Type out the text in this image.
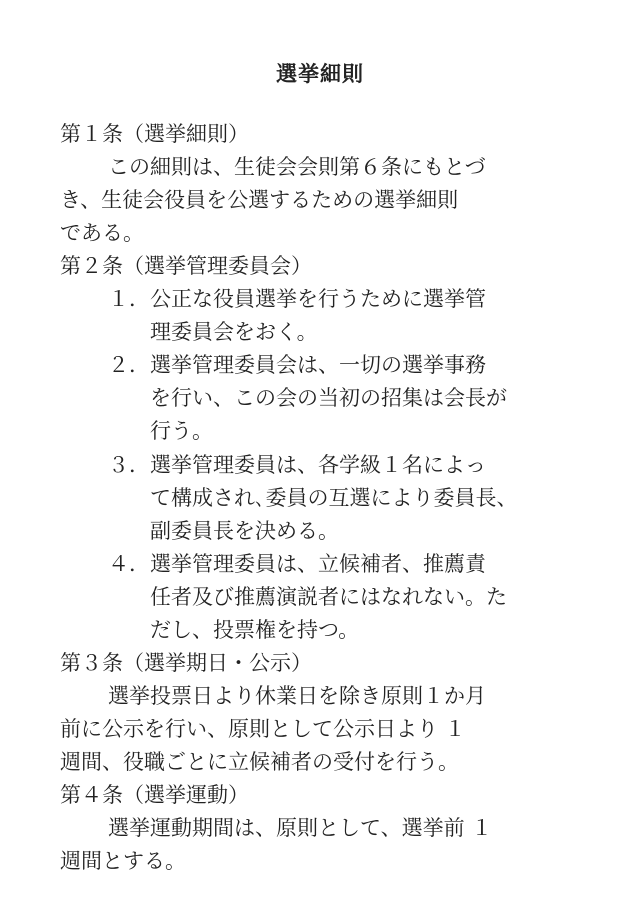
選挙細則
第１条（選挙細則）
この細則は、生徒会会則第６条にもとづ
き、生徒会役員を公選するための選挙細則
である。
第２条（選挙管理委員会）
１．公正な役員選挙を行うために選挙管
理委員会をおく。
２．選挙管理委員会は、一切の選挙事務
を行い、この会の当初の招集は会長が
行う。
３．選挙管理委員は、各学級１名によっ
て構成され､委員の互選により委員長、
副委員長を決める。
４．選挙管理委員は、立候補者、推薦責
任者及び推薦演説者にはなれない。た
だし、投票権を持つ。
第３条（選挙期日・公示）
選挙投票日より休業日を除き原則１か月
前に公示を行い、原則として公示日より １
週間、役職ごとに立候補者の受付を行う。
第４条（選挙運動）
選挙運動期間は、原則として、選挙前 １
週間とする。
